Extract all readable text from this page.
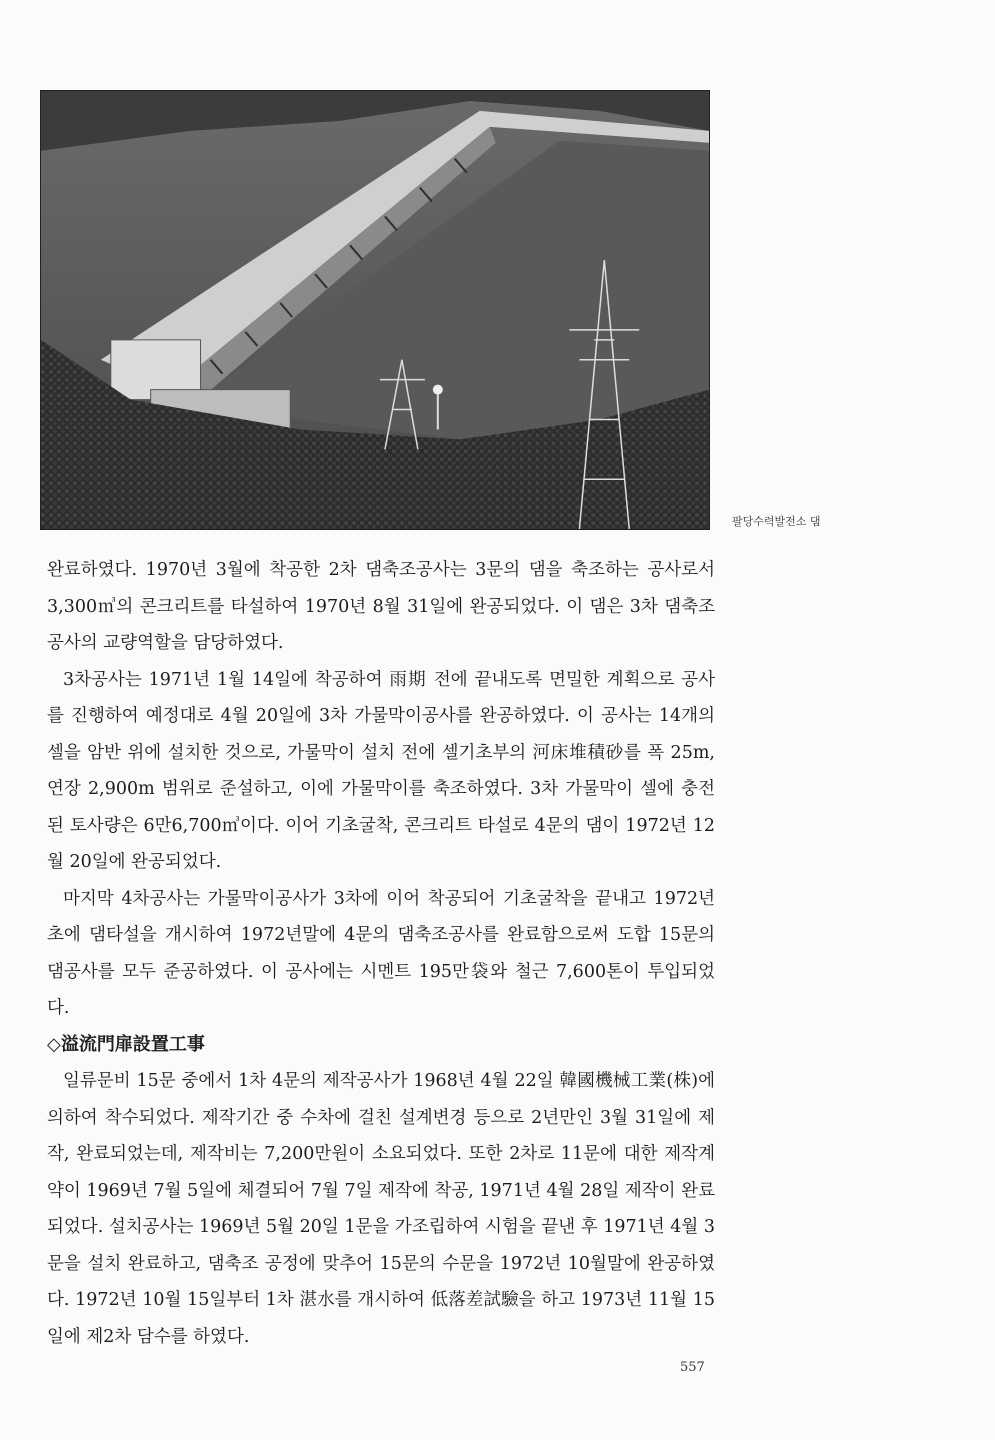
팔당수력발전소 댐

완료하였다. 1970년 3월에 착공한 2차 댐축조공사는 3문의 댐을 축조하는 공사로서 3,300㎥의 콘크리트를 타설하여 1970년 8월 31일에 완공되었다. 이 댐은 3차 댐축조공사의 교량역할을 담당하였다.

3차공사는 1971년 1월 14일에 착공하여 雨期 전에 끝내도록 면밀한 계획으로 공사를 진행하여 예정대로 4월 20일에 3차 가물막이공사를 완공하였다. 이 공사는 14개의 셀을 암반 위에 설치한 것으로, 가물막이 설치 전에 셀기초부의 河床堆積砂를 폭 25m, 연장 2,900m 범위로 준설하고, 이에 가물막이를 축조하였다. 3차 가물막이 셀에 충전된 토사량은 6만6,700㎥이다. 이어 기초굴착, 콘크리트 타설로 4문의 댐이 1972년 12월 20일에 완공되었다.

마지막 4차공사는 가물막이공사가 3차에 이어 착공되어 기초굴착을 끝내고 1972년초에 댐타설을 개시하여 1972년말에 4문의 댐축조공사를 완료함으로써 도합 15문의 댐공사를 모두 준공하였다. 이 공사에는 시멘트 195만袋와 철근 7,600톤이 투입되었다.

◇溢流門扉設置工事

일류문비 15문 중에서 1차 4문의 제작공사가 1968년 4월 22일 韓國機械工業(株)에 의하여 착수되었다. 제작기간 중 수차에 걸친 설계변경 등으로 2년만인 3월 31일에 제작, 완료되었는데, 제작비는 7,200만원이 소요되었다. 또한 2차로 11문에 대한 제작계약이 1969년 7월 5일에 체결되어 7월 7일 제작에 착공, 1971년 4월 28일 제작이 완료되었다. 설치공사는 1969년 5월 20일 1문을 가조립하여 시험을 끝낸 후 1971년 4월 3문을 설치 완료하고, 댐축조 공정에 맞추어 15문의 수문을 1972년 10월말에 완공하였다. 1972년 10월 15일부터 1차 湛水를 개시하여 低落差試驗을 하고 1973년 11월 15일에 제2차 담수를 하였다.

557
